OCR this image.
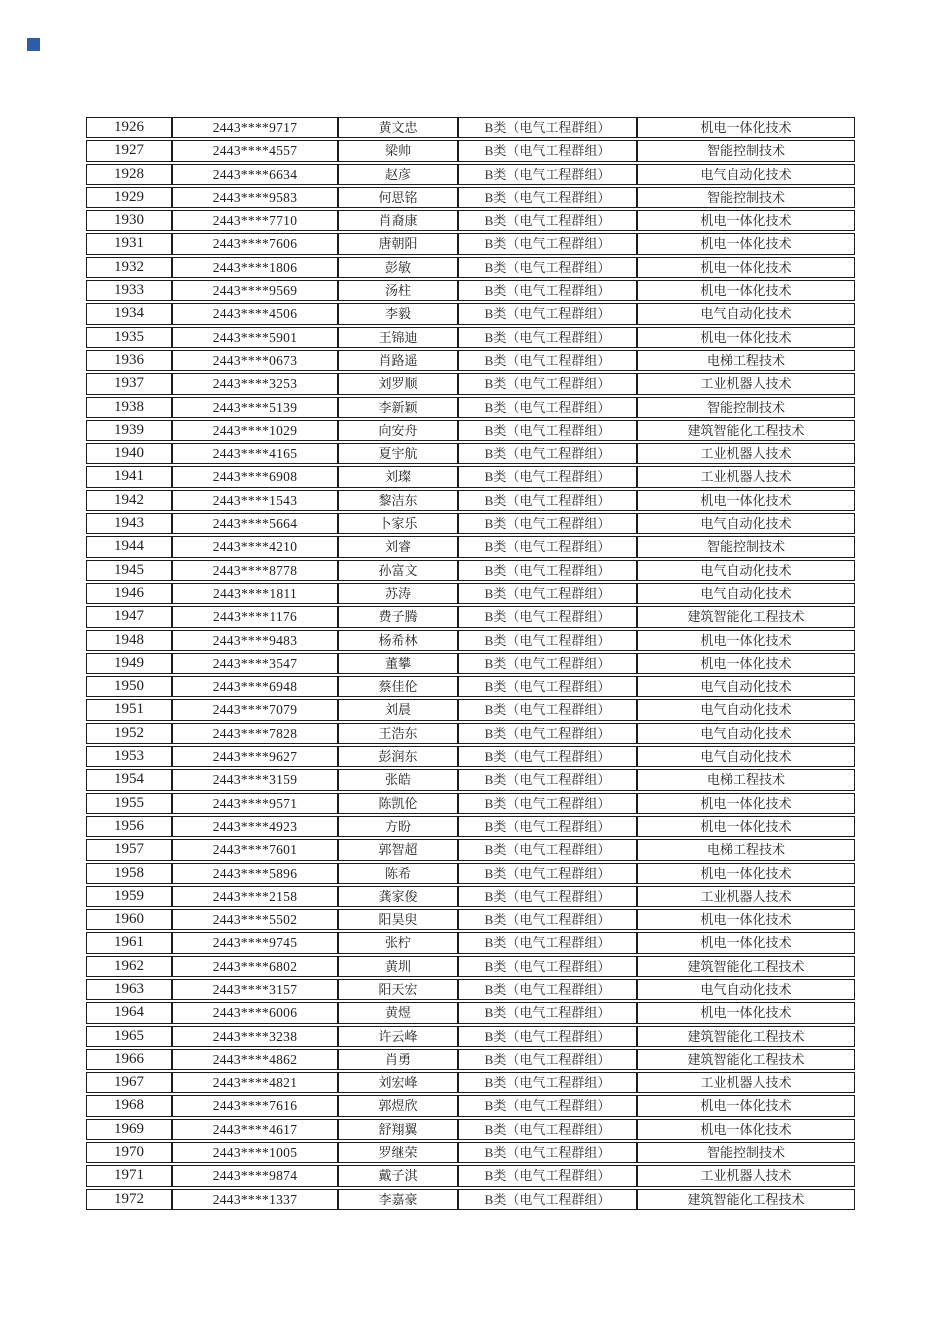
1926	2443****9717	黄文忠	B类（电气工程群组）	机电一体化技术
1927	2443****4557	梁帅	B类（电气工程群组）	智能控制技术
1928	2443****6634	赵彦	B类（电气工程群组）	电气自动化技术
1929	2443****9583	何思铭	B类（电气工程群组）	智能控制技术
1930	2443****7710	肖裔康	B类（电气工程群组）	机电一体化技术
1931	2443****7606	唐朝阳	B类（电气工程群组）	机电一体化技术
1932	2443****1806	彭敏	B类（电气工程群组）	机电一体化技术
1933	2443****9569	汤柱	B类（电气工程群组）	机电一体化技术
1934	2443****4506	李毅	B类（电气工程群组）	电气自动化技术
1935	2443****5901	王锦迪	B类（电气工程群组）	机电一体化技术
1936	2443****0673	肖路遥	B类（电气工程群组）	电梯工程技术
1937	2443****3253	刘罗顺	B类（电气工程群组）	工业机器人技术
1938	2443****5139	李新颖	B类（电气工程群组）	智能控制技术
1939	2443****1029	向安舟	B类（电气工程群组）	建筑智能化工程技术
1940	2443****4165	夏宇航	B类（电气工程群组）	工业机器人技术
1941	2443****6908	刘璨	B类（电气工程群组）	工业机器人技术
1942	2443****1543	黎洁东	B类（电气工程群组）	机电一体化技术
1943	2443****5664	卜家乐	B类（电气工程群组）	电气自动化技术
1944	2443****4210	刘睿	B类（电气工程群组）	智能控制技术
1945	2443****8778	孙富文	B类（电气工程群组）	电气自动化技术
1946	2443****1811	苏涛	B类（电气工程群组）	电气自动化技术
1947	2443****1176	费子腾	B类（电气工程群组）	建筑智能化工程技术
1948	2443****9483	杨希林	B类（电气工程群组）	机电一体化技术
1949	2443****3547	董攀	B类（电气工程群组）	机电一体化技术
1950	2443****6948	蔡佳伦	B类（电气工程群组）	电气自动化技术
1951	2443****7079	刘晨	B类（电气工程群组）	电气自动化技术
1952	2443****7828	王浩东	B类（电气工程群组）	电气自动化技术
1953	2443****9627	彭润东	B类（电气工程群组）	电气自动化技术
1954	2443****3159	张皓	B类（电气工程群组）	电梯工程技术
1955	2443****9571	陈凯伦	B类（电气工程群组）	机电一体化技术
1956	2443****4923	方盼	B类（电气工程群组）	机电一体化技术
1957	2443****7601	郭智超	B类（电气工程群组）	电梯工程技术
1958	2443****5896	陈希	B类（电气工程群组）	机电一体化技术
1959	2443****2158	龚家俊	B类（电气工程群组）	工业机器人技术
1960	2443****5502	阳昊臾	B类（电气工程群组）	机电一体化技术
1961	2443****9745	张柠	B类（电气工程群组）	机电一体化技术
1962	2443****6802	黄圳	B类（电气工程群组）	建筑智能化工程技术
1963	2443****3157	阳天宏	B类（电气工程群组）	电气自动化技术
1964	2443****6006	黄煜	B类（电气工程群组）	机电一体化技术
1965	2443****3238	许云峰	B类（电气工程群组）	建筑智能化工程技术
1966	2443****4862	肖勇	B类（电气工程群组）	建筑智能化工程技术
1967	2443****4821	刘宏峰	B类（电气工程群组）	工业机器人技术
1968	2443****7616	郭煜欣	B类（电气工程群组）	机电一体化技术
1969	2443****4617	舒翔翼	B类（电气工程群组）	机电一体化技术
1970	2443****1005	罗继荣	B类（电气工程群组）	智能控制技术
1971	2443****9874	戴子淇	B类（电气工程群组）	工业机器人技术
1972	2443****1337	李嘉豪	B类（电气工程群组）	建筑智能化工程技术
